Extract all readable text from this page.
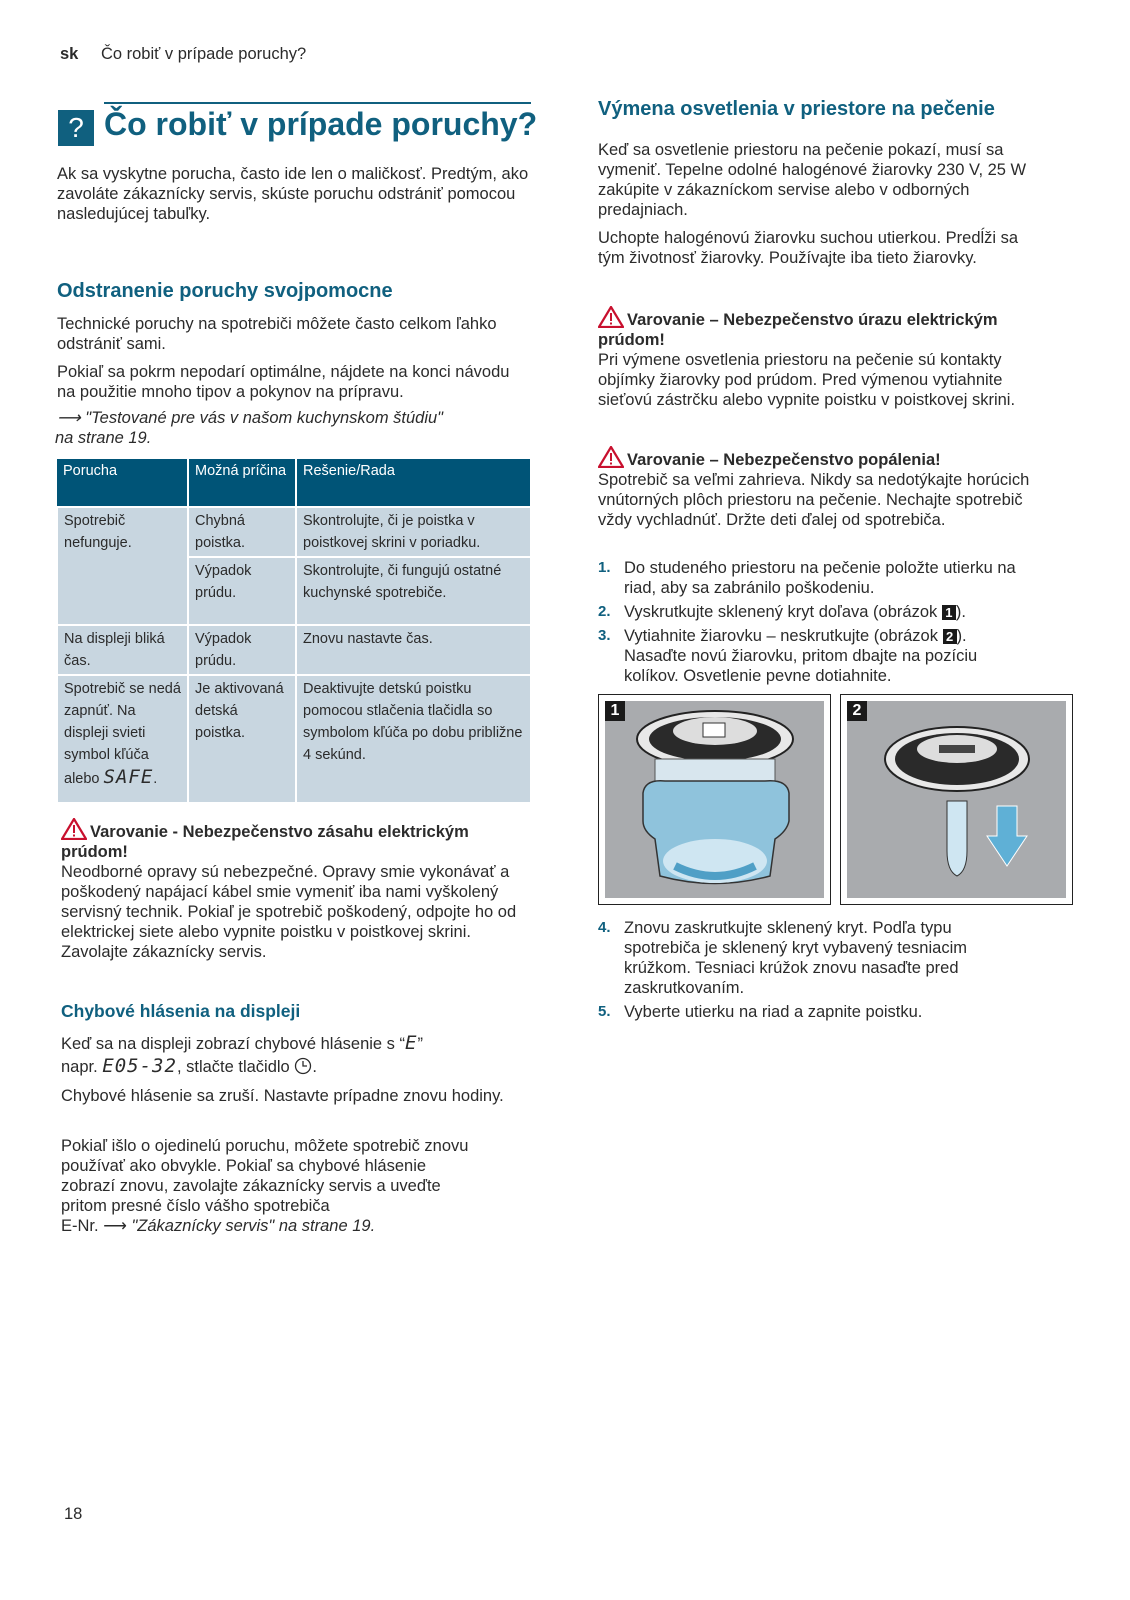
sk Čo robiť v prípade poruchy?
? Čo robiť v prípade poruchy?

Ak sa vyskytne porucha, často ide len o maličkosť. Predtým, ako zavoláte zákaznícky servis, skúste poruchu odstrániť pomocou nasledujúcej tabuľky.

Odstranenie poruchy svojpomocne

Technické poruchy na spotrebiči môžete často celkom ľahko odstrániť sami.

Pokiaľ sa pokrm nepodarí optimálne, nájdete na konci návodu na použitie mnoho tipov a pokynov na prípravu.

⟶ "Testované pre vás v našom kuchynskom štúdiu" na strane 19.

Porucha	Možná príčina	Rešenie/Rada
Spotrebič nefunguje.	Chybná poistka.	Skontrolujte, či je poistka v poistkovej skrini v poriadku.
	Výpadok prúdu.	Skontrolujte, či fungujú ostatné kuchynské spotrebiče.
Na displeji bliká čas.	Výpadok prúdu.	Znovu nastavte čas.
Spotrebič se nedá zapnúť. Na displeji svieti symbol kľúča alebo SAFE.	Je aktivovaná detská poistka.	Deaktivujte detskú poistku pomocou stlačenia tlačidla so symbolom kľúča po dobu približne 4 sekúnd.

Varovanie - Nebezpečenstvo zásahu elektrickým prúdom!

Neodborné opravy sú nebezpečné. Opravy smie vykonávať a poškodený napájací kábel smie vymeniť iba nami vyškolený servisný technik. Pokiaľ je spotrebič poškodený, odpojte ho od elektrickej siete alebo vypnite poistku v poistkovej skrini. Zavolajte zákaznícky servis.

Chybové hlásenia na displeji

Keď sa na displeji zobrazí chybové hlásenie s “E”
napr. E05-32, stlačte tlačidlo .

Chybové hlásenie sa zruší. Nastavte prípadne znovu hodiny.

Pokiaľ išlo o ojedinelú poruchu, môžete spotrebič znovu používať ako obvykle. Pokiaľ sa chybové hlásenie zobrazí znovu, zavolajte zákaznícky servis a uveďte pritom presné číslo vášho spotrebiča
E-Nr. ⟶ "Zákaznícky servis" na strane 19.

Výmena osvetlenia v priestore na pečenie

Keď sa osvetlenie priestoru na pečenie pokazí, musí sa vymeniť. Tepelne odolné halogénové žiarovky 230 V, 25 W zakúpite v zákazníckom servise alebo v odborných predajniach.

Uchopte halogénovú žiarovku suchou utierkou. Predĺži sa tým životnosť žiarovky. Používajte iba tieto žiarovky.

Varovanie – Nebezpečenstvo úrazu elektrickým prúdom!

Pri výmene osvetlenia priestoru na pečenie sú kontakty objímky žiarovky pod prúdom. Pred výmenou vytiahnite sieťovú zástrčku alebo vypnite poistku v poistkovej skrini.

Varovanie – Nebezpečenstvo popálenia!

Spotrebič sa veľmi zahrieva. Nikdy sa nedotýkajte horúcich vnútorných plôch priestoru na pečenie. Nechajte spotrebič vždy vychladnúť. Držte deti ďalej od spotrebiča.

1. Do studeného priestoru na pečenie položte utierku na riad, aby sa zabránilo poškodeniu.
2. Vyskrutkujte sklenený kryt doľava (obrázok 1 ).
3. Vytiahnite žiarovku – neskrutkujte (obrázok 2 ). Nasaďte novú žiarovku, pritom dbajte na pozíciu kolíkov. Osvetlenie pevne dotiahnite.
1	2
4. Znovu zaskrutkujte sklenený kryt. Podľa typu spotrebiča je sklenený kryt vybavený tesniacim krúžkom. Tesniaci krúžok znovu nasaďte pred zaskrutkovaním.
5. Vyberte utierku na riad a zapnite poistku.
18
